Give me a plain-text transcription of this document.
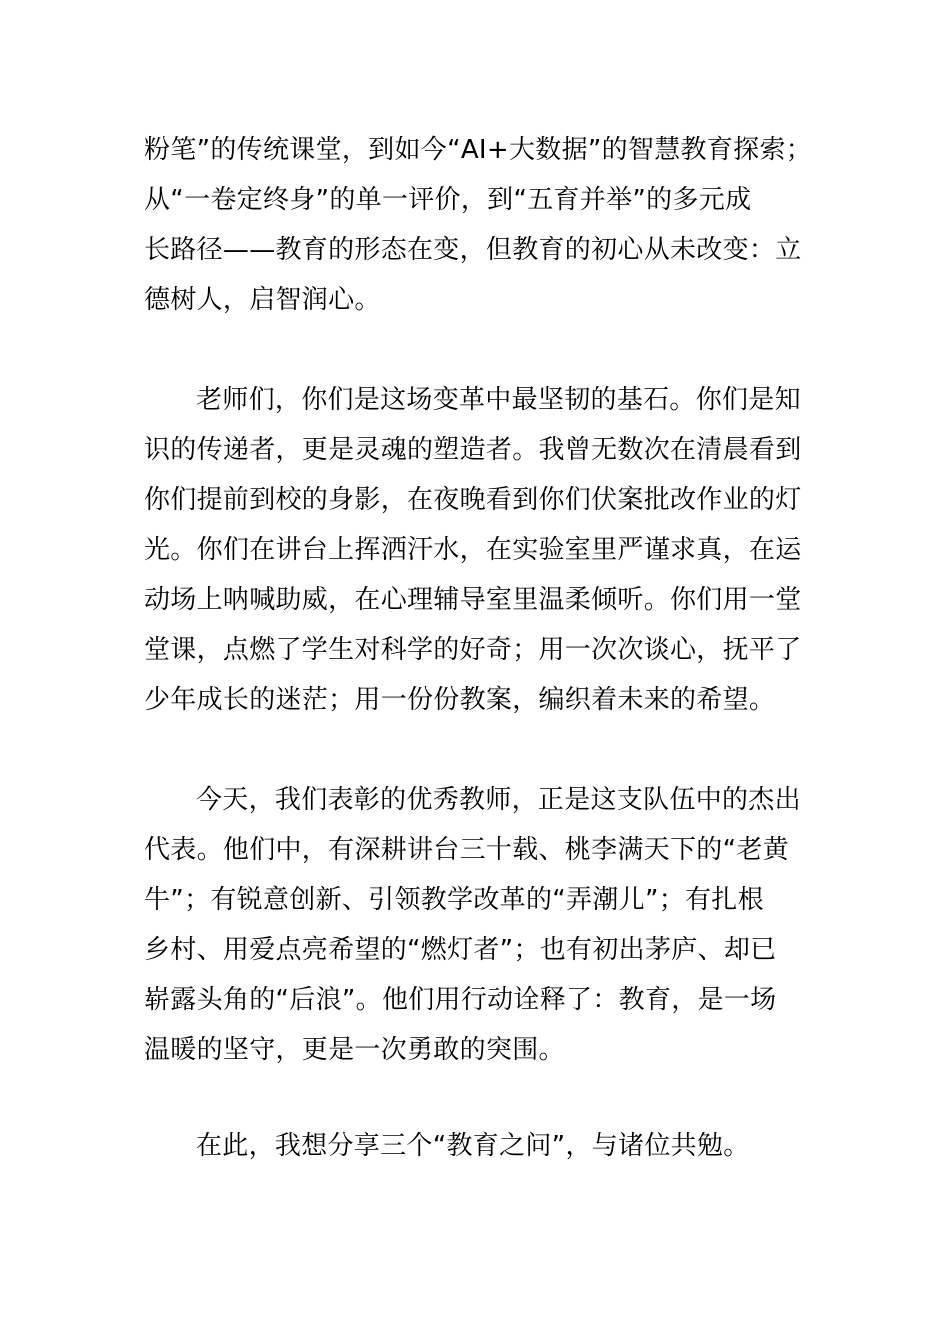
粉笔”的传统课堂，到如今“AI+大数据”的智慧教育探索；
从“一卷定终身”的单一评价，到“五育并举”的多元成
长路径——教育的形态在变，但教育的初心从未改变：立
德树人，启智润心。
老师们，你们是这场变革中最坚韧的基石。你们是知
识的传递者，更是灵魂的塑造者。我曾无数次在清晨看到
你们提前到校的身影，在夜晚看到你们伏案批改作业的灯
光。你们在讲台上挥洒汗水，在实验室里严谨求真，在运
动场上呐喊助威，在心理辅导室里温柔倾听。你们用一堂
堂课，点燃了学生对科学的好奇；用一次次谈心，抚平了
少年成长的迷茫；用一份份教案，编织着未来的希望。
今天，我们表彰的优秀教师，正是这支队伍中的杰出
代表。他们中，有深耕讲台三十载、桃李满天下的“老黄
牛”；有锐意创新、引领教学改革的“弄潮儿”；有扎根
乡村、用爱点亮希望的“燃灯者”；也有初出茅庐、却已
崭露头角的“后浪”。他们用行动诠释了：教育，是一场
温暖的坚守，更是一次勇敢的突围。
在此，我想分享三个“教育之问”，与诸位共勉。
